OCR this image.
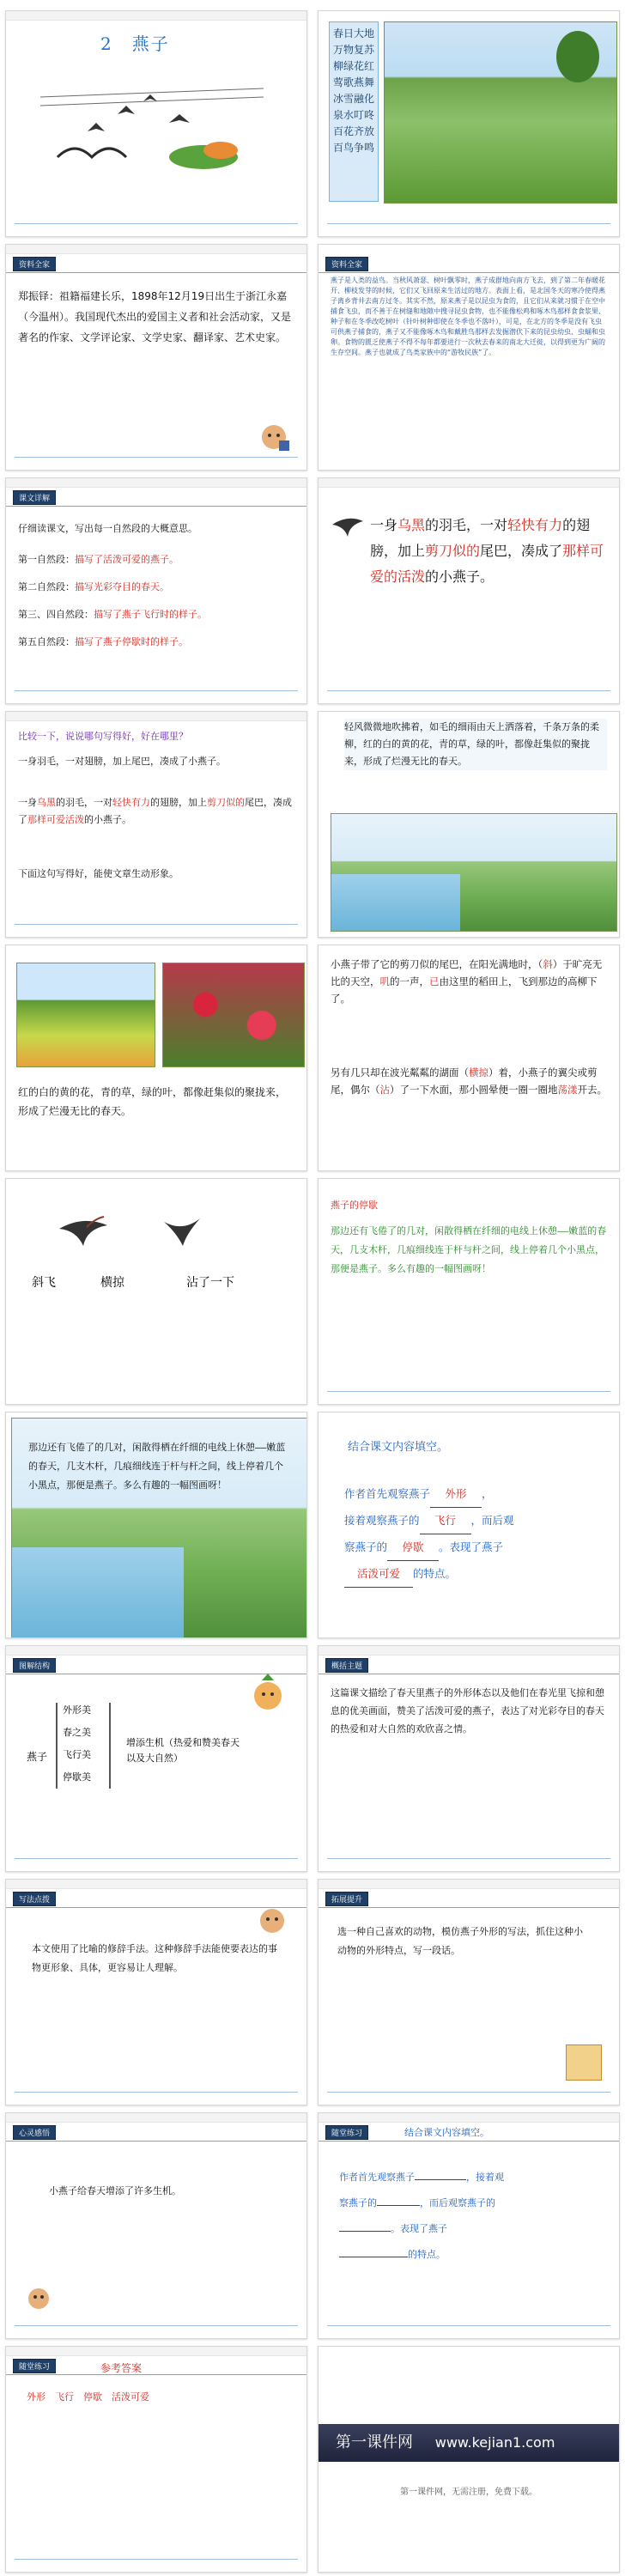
2　燕子	春日大地
万物复苏
柳绿花红
莺歌燕舞
冰雪融化
泉水叮咚
百花齐放
百鸟争鸣
资料全家
郑振铎：祖籍福建长乐，1898年12月19日出生于浙江永嘉（今温州）。我国现代杰出的爱国主义者和社会活动家，又是著名的作家、文学评论家、文学史家、翻译家、艺术史家。
资料全家
燕子是人类的益鸟。当秋风萧瑟、树叶飘零时，燕子成群地向南方飞去，到了第二年春暖花开、柳枝发芽的时候，它们又飞回原来生活过的地方。表面上看，是北国冬天的寒冷使得燕子离乡背井去南方过冬。其实不然，原来燕子是以昆虫为食的，且它们从来就习惯于在空中捕食飞虫，而不善于在树缝和地隙中搜寻昆虫食物，也不能像松鸡和啄木鸟那样食食浆果、种子和在冬季改吃树叶（针叶树种即使在冬季也不落叶），可是，在北方的冬季是没有飞虫可供燕子捕食的，燕子又不能像啄木鸟和戴胜鸟那样去发掘潜伏下来的昆虫幼虫、虫蛹和虫卵。食物的匮乏使燕子不得不每年都要进行一次秋去春来的南北大迁徙，以得到更为广阔的生存空间。燕子也就成了鸟类家族中的“游牧民族”了。
课文详解
仔细读课文，写出每一自然段的大概意思。
第一自然段：描写了活泼可爱的燕子。
第二自然段：描写光彩夺目的春天。
第三、四自然段：描写了燕子飞行时的样子。
第五自然段：描写了燕子停歇时的样子。
一身乌黑的羽毛，一对轻快有力的翅膀，加上剪刀似的尾巴，凑成了那样可爱的活泼的小燕子。
比较一下，说说哪句写得好，好在哪里？
一身羽毛，一对翅膀，加上尾巴，凑成了小燕子。
一身乌黑的羽毛，一对轻快有力的翅膀，加上剪刀似的尾巴，凑成了那样可爱活泼的小燕子。
下面这句写得好，能使文章生动形象。
轻风微微地吹拂着，如毛的细雨由天上洒落着，千条万条的柔柳，红的白的黄的花，青的草，绿的叶，都像赶集似的聚拢来，形成了烂漫无比的春天。
红的白的黄的花，青的草，绿的叶，都像赶集似的聚拢来，形成了烂漫无比的春天。
小燕子带了它的剪刀似的尾巴，在阳光满地时，（斜）于旷亮无比的天空，叽的一声，已由这里的稻田上，飞到那边的高柳下了。
另有几只却在波光粼粼的湖面（横掠）着，小燕子的翼尖或剪尾，偶尔（沾）了一下水面，那小圆晕便一圈一圈地荡漾开去。
斜飞	横掠	沾了一下
燕子的停歇
那边还有飞倦了的几对，闲散得栖在纤细的电线上休憩——嫩蓝的春天，几支木杆，几痕细线连于杆与杆之间，线上停着几个小黑点，那便是燕子。多么有趣的一幅图画呀！
那边还有飞倦了的几对，闲散得栖在纤细的电线上休憩——嫩蓝的春天，几支木杆，几痕细线连于杆与杆之间，线上停着几个小黑点，那便是燕子。多么有趣的一幅图画呀！
结合课文内容填空。
作者首先观察燕子 外形 ，
接着观察燕子的 飞行 ，而后观
察燕子的 停歇 。表现了燕子
活泼可爱 的特点。
图解结构
燕子
外形美
春之美
飞行美
停歇美
增添生机（热爱和赞美春天以及大自然）
概括主题
这篇课文描绘了春天里燕子的外形体态以及他们在春光里飞掠和憩息的优美画面，赞美了活泼可爱的燕子，表达了对光彩夺目的春天的热爱和对大自然的欢欣喜之情。
写法点拨
本文使用了比喻的修辞手法。这种修辞手法能使要表达的事物更形象、具体，更容易让人理解。
拓展提升
选一种自己喜欢的动物，模仿燕子外形的写法，抓住这种小动物的外形特点，写一段话。
心灵感悟
小燕子给春天增添了许多生机。
随堂练习	结合课文内容填空。
作者首先观察燕子	，接着观
察燕子的	，而后观察燕子的
。表现了燕子
的特点。
随堂练习	参考答案
外形　飞行　停歇　活泼可爱
第一课件网 www.kejian1.com
第一课件网，无需注册，免费下载。
